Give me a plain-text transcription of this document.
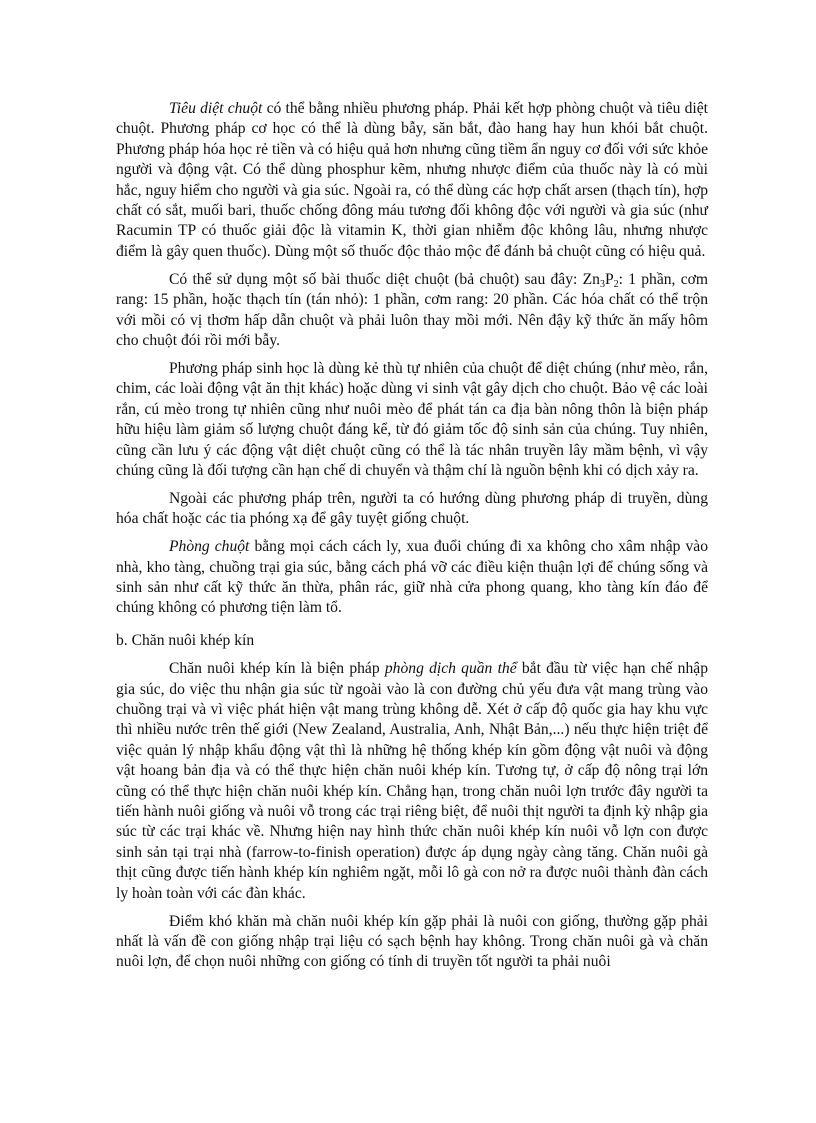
Tiêu diệt chuột có thể bằng nhiều phương pháp. Phải kết hợp phòng chuột và tiêu diệt chuột. Phương pháp cơ học có thể là dùng bẫy, săn bắt, đào hang hay hun khói bắt chuột. Phương pháp hóa học rẻ tiền và có hiệu quả hơn nhưng cũng tiềm ẩn nguy cơ đối với sức khỏe người và động vật. Có thể dùng phosphur kẽm, nhưng nhược điểm của thuốc này là có mùi hắc, nguy hiểm cho người và gia súc. Ngoài ra, có thể dùng các hợp chất arsen (thạch tín), hợp chất có sắt, muối bari, thuốc chống đông máu tương đối không độc với người và gia súc (như Racumin TP có thuốc giải độc là vitamin K, thời gian nhiễm độc không lâu, nhưng nhược điểm là gây quen thuốc). Dùng một số thuốc độc thảo mộc để đánh bả chuột cũng có hiệu quả.

Có thể sử dụng một số bài thuốc diệt chuột (bả chuột) sau đây: $Zn_3P_2$: 1 phần, cơm rang: 15 phần, hoặc thạch tín (tán nhỏ): 1 phần, cơm rang: 20 phần. Các hóa chất có thể trộn với mồi có vị thơm hấp dẫn chuột và phải luôn thay mồi mới. Nên đậy kỹ thức ăn mấy hôm cho chuột đói rồi mới bẫy.

Phương pháp sinh học là dùng kẻ thù tự nhiên của chuột để diệt chúng (như mèo, rắn, chim, các loài động vật ăn thịt khác) hoặc dùng vi sinh vật gây dịch cho chuột. Bảo vệ các loài rắn, cú mèo trong tự nhiên cũng như nuôi mèo để phát tán ca địa bàn nông thôn là biện pháp hữu hiệu làm giảm số lượng chuột đáng kể, từ đó giảm tốc độ sinh sản của chúng. Tuy nhiên, cũng cần lưu ý các động vật diệt chuột cũng có thể là tác nhân truyền lây mầm bệnh, vì vậy chúng cũng là đối tượng cần hạn chế di chuyển và thậm chí là nguồn bệnh khi có dịch xảy ra.

Ngoài các phương pháp trên, người ta có hướng dùng phương pháp di truyền, dùng hóa chất hoặc các tia phóng xạ để gây tuyệt giống chuột.

Phòng chuột bằng mọi cách cách ly, xua đuổi chúng đi xa không cho xâm nhập vào nhà, kho tàng, chuồng trại gia súc, bằng cách phá vỡ các điều kiện thuận lợi để chúng sống và sinh sản như cất kỹ thức ăn thừa, phân rác, giữ nhà cửa phong quang, kho tàng kín đáo để chúng không có phương tiện làm tổ.

b. Chăn nuôi khép kín

Chăn nuôi khép kín là biện pháp phòng dịch quần thể bắt đầu từ việc hạn chế nhập gia súc, do việc thu nhận gia súc từ ngoài vào là con đường chủ yếu đưa vật mang trùng vào chuồng trại và vì việc phát hiện vật mang trùng không dễ. Xét ở cấp độ quốc gia hay khu vực thì nhiều nước trên thế giới (New Zealand, Australia, Anh, Nhật Bản,...) nếu thực hiện triệt để việc quản lý nhập khẩu động vật thì là những hệ thống khép kín gồm động vật nuôi và động vật hoang bản địa và có thể thực hiện chăn nuôi khép kín. Tương tự, ở cấp độ nông trại lớn cũng có thể thực hiện chăn nuôi khép kín. Chẳng hạn, trong chăn nuôi lợn trước đây người ta tiến hành nuôi giống và nuôi vỗ trong các trại riêng biệt, để nuôi thịt người ta định kỳ nhập gia súc từ các trại khác về. Nhưng hiện nay hình thức chăn nuôi khép kín nuôi vỗ lợn con được sinh sản tại trại nhà (farrow-to-finish operation) được áp dụng ngày càng tăng. Chăn nuôi gà thịt cũng được tiến hành khép kín nghiêm ngặt, mỗi lô gà con nở ra được nuôi thành đàn cách ly hoàn toàn với các đàn khác.

Điểm khó khăn mà chăn nuôi khép kín gặp phải là nuôi con giống, thường gặp phải nhất là vấn đề con giống nhập trại liệu có sạch bệnh hay không. Trong chăn nuôi gà và chăn nuôi lợn, để chọn nuôi những con giống có tính di truyền tốt người ta phải nuôi
